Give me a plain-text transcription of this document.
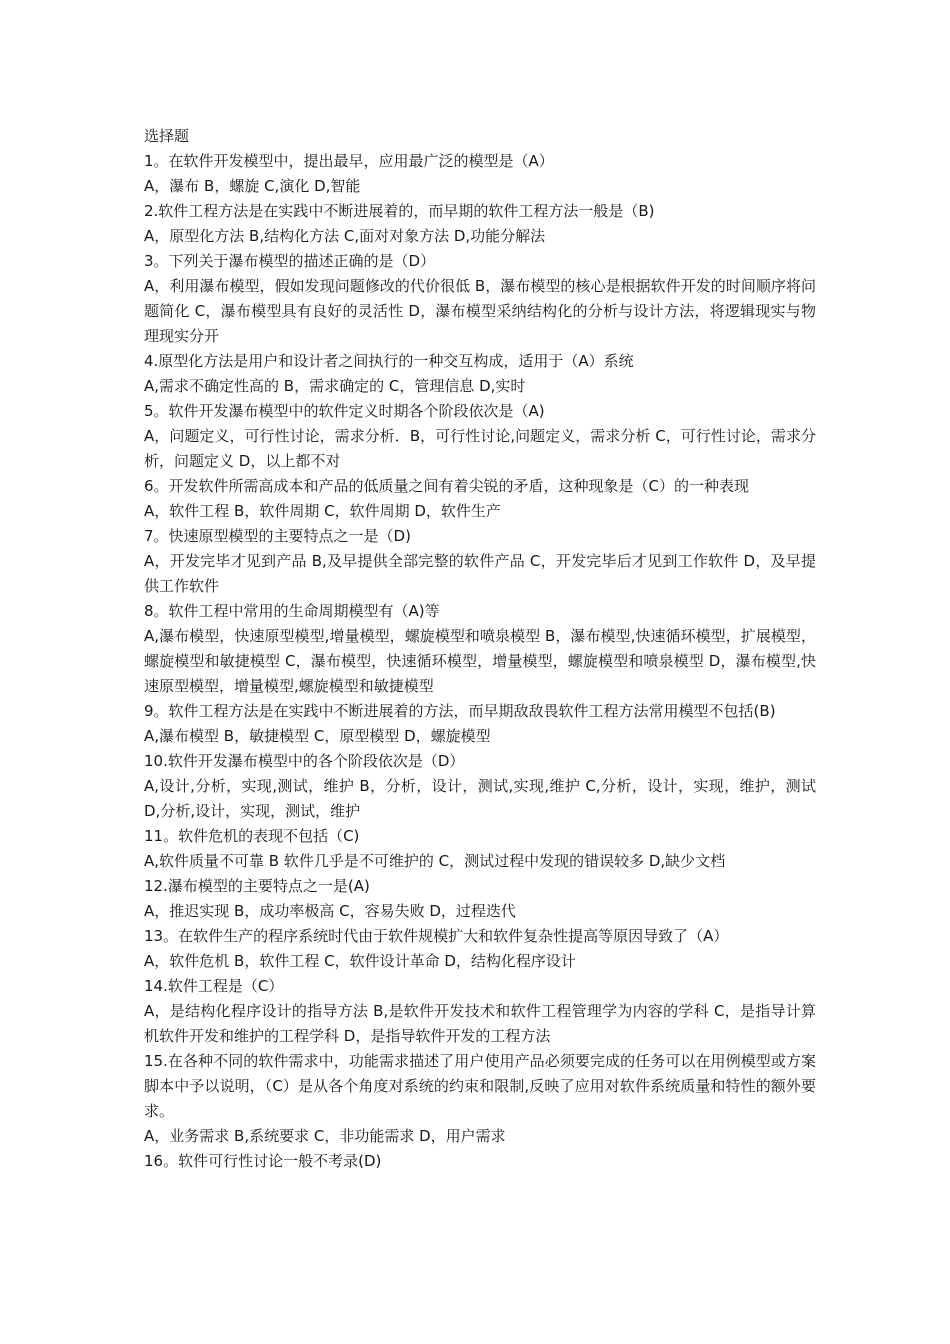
选择题

1。在软件开发模型中，提出最早，应用最广泛的模型是（A）

A，瀑布 B，螺旋 C,演化 D,智能

2.软件工程方法是在实践中不断进展着的，而早期的软件工程方法一般是（B)

A，原型化方法 B,结构化方法 C,面对对象方法 D,功能分解法

3。下列关于瀑布模型的描述正确的是（D）

A，利用瀑布模型，假如发现问题修改的代价很低 B，瀑布模型的核心是根据软件开发的时间顺序将问题简化 C，瀑布模型具有良好的灵活性 D，瀑布模型采纳结构化的分析与设计方法，将逻辑现实与物理现实分开

4.原型化方法是用户和设计者之间执行的一种交互构成，适用于（A）系统

A,需求不确定性高的 B，需求确定的 C，管理信息 D,实时

5。软件开发瀑布模型中的软件定义时期各个阶段依次是（A)

A，问题定义，可行性讨论，需求分析．B，可行性讨论,问题定义，需求分析 C，可行性讨论，需求分析，问题定义 D，以上都不对

6。开发软件所需高成本和产品的低质量之间有着尖锐的矛盾，这种现象是（C）的一种表现

A，软件工程 B，软件周期 C，软件周期 D，软件生产

7。快速原型模型的主要特点之一是（D)

A，开发完毕才见到产品 B,及早提供全部完整的软件产品 C，开发完毕后才见到工作软件 D，及早提供工作软件

8。软件工程中常用的生命周期模型有（A)等

A,瀑布模型，快速原型模型,增量模型，螺旋模型和喷泉模型 B，瀑布模型,快速循环模型，扩展模型，螺旋模型和敏捷模型 C，瀑布模型，快速循环模型，增量模型，螺旋模型和喷泉模型 D，瀑布模型,快速原型模型，增量模型,螺旋模型和敏捷模型

9。软件工程方法是在实践中不断进展着的方法，而早期敌敌畏软件工程方法常用模型不包括(B)

A,瀑布模型 B，敏捷模型 C，原型模型 D，螺旋模型

10.软件开发瀑布模型中的各个阶段依次是（D）

A,设计,分析，实现,测试，维护 B，分析，设计，测试,实现,维护 C,分析，设计，实现，维护，测试 D,分析,设计，实现，测试，维护

11。软件危机的表现不包括（C)

A,软件质量不可靠 B 软件几乎是不可维护的 C，测试过程中发现的错误较多 D,缺少文档

12.瀑布模型的主要特点之一是(A)

A，推迟实现 B，成功率极高 C，容易失败 D，过程迭代

13。在软件生产的程序系统时代由于软件规模扩大和软件复杂性提高等原因导致了（A）

A，软件危机 B，软件工程 C，软件设计革命 D，结构化程序设计

14.软件工程是（C）

A，是结构化程序设计的指导方法 B,是软件开发技术和软件工程管理学为内容的学科 C，是指导计算机软件开发和维护的工程学科 D，是指导软件开发的工程方法

15.在各种不同的软件需求中，功能需求描述了用户使用产品必须要完成的任务可以在用例模型或方案脚本中予以说明，（C）是从各个角度对系统的约束和限制,反映了应用对软件系统质量和特性的额外要求。

A，业务需求 B,系统要求 C，非功能需求 D，用户需求

16。软件可行性讨论一般不考录(D)
